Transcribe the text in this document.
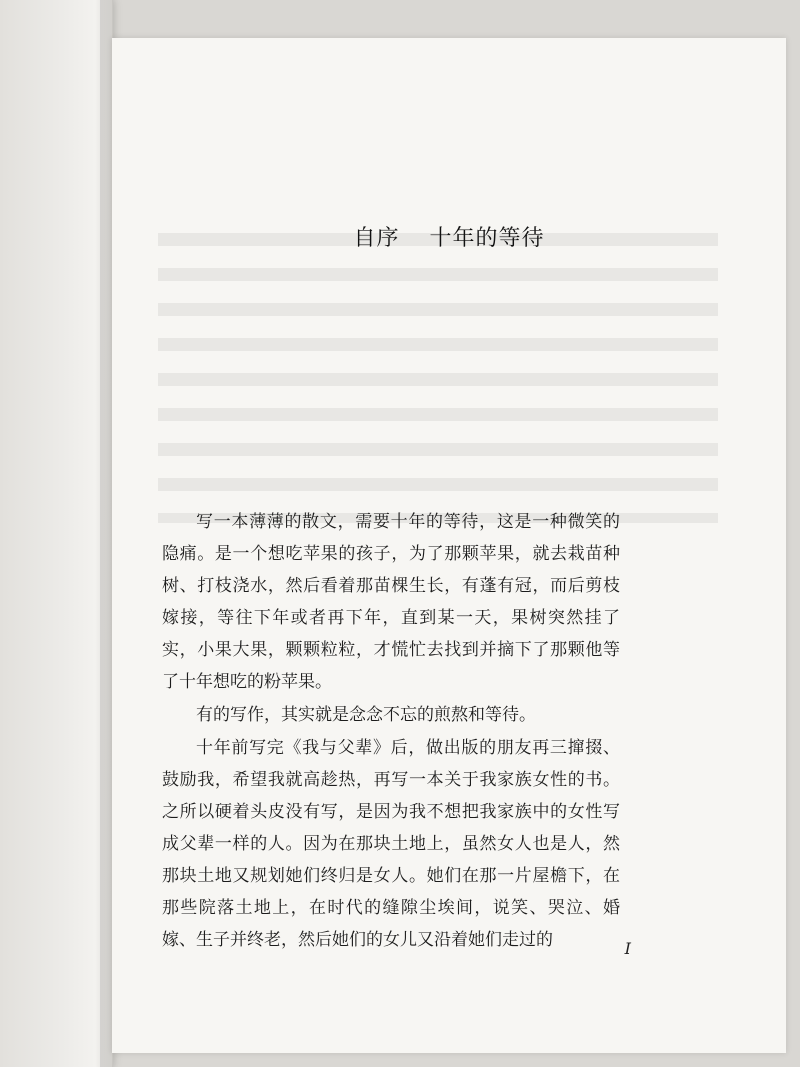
自序 十年的等待

写一本薄薄的散文，需要十年的等待，这是一种微笑的隐痛。是一个想吃苹果的孩子，为了那颗苹果，就去栽苗种树、打枝浇水，然后看着那苗棵生长，有蓬有冠，而后剪枝嫁接，等往下年或者再下年，直到某一天，果树突然挂了实，小果大果，颗颗粒粒，才慌忙去找到并摘下了那颗他等了十年想吃的粉苹果。

有的写作，其实就是念念不忘的煎熬和等待。

十年前写完《我与父辈》后，做出版的朋友再三撺掇、鼓励我，希望我就高趁热，再写一本关于我家族女性的书。之所以硬着头皮没有写，是因为我不想把我家族中的女性写成父辈一样的人。因为在那块土地上，虽然女人也是人，然那块土地又规划她们终归是女人。她们在那一片屋檐下，在那些院落土地上，在时代的缝隙尘埃间，说笑、哭泣、婚嫁、生子并终老，然后她们的女儿又沿着她们走过的	I
